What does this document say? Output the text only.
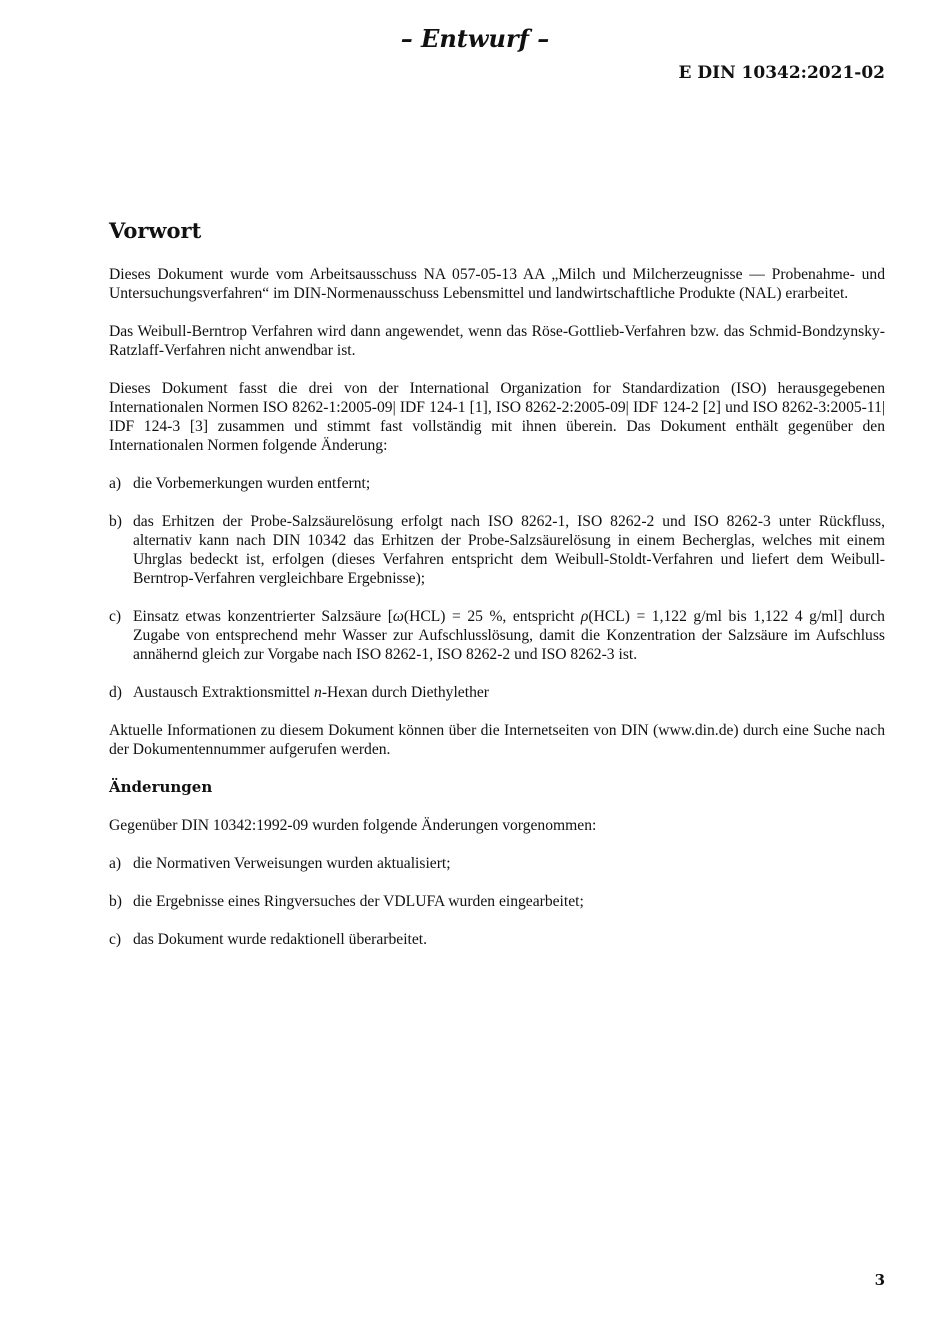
– Entwurf –
E DIN 10342:2021-02
Vorwort

Dieses Dokument wurde vom Arbeitsausschuss NA 057-05-13 AA „Milch und Milcherzeugnisse — Probenahme- und Untersuchungsverfahren“ im DIN-Normenausschuss Lebensmittel und landwirtschaftliche Produkte (NAL) erarbeitet.

Das Weibull-Berntrop Verfahren wird dann angewendet, wenn das Röse-Gottlieb-Verfahren bzw. das Schmid-Bondzynsky-Ratzlaff-Verfahren nicht anwendbar ist.

Dieses Dokument fasst die drei von der International Organization for Standardization (ISO) herausgegebenen Internationalen Normen ISO 8262-1:2005-09| IDF 124-1 [1], ISO 8262-2:2005-09| IDF 124-2 [2] und ISO 8262-3:2005-11| IDF 124-3 [3] zusammen und stimmt fast vollständig mit ihnen überein. Das Dokument enthält gegenüber den Internationalen Normen folgende Änderung:

a) die Vorbemerkungen wurden entfernt;
b) das Erhitzen der Probe-Salzsäurelösung erfolgt nach ISO 8262-1, ISO 8262-2 und ISO 8262-3 unter Rückfluss, alternativ kann nach DIN 10342 das Erhitzen der Probe-Salzsäurelösung in einem Becherglas, welches mit einem Uhrglas bedeckt ist, erfolgen (dieses Verfahren entspricht dem Weibull-Stoldt-Verfahren und liefert dem Weibull-Berntrop-Verfahren vergleichbare Ergebnisse);
c) Einsatz etwas konzentrierter Salzsäure [ω(HCL) = 25 %, entspricht ρ(HCL) = 1,122 g/ml bis 1,122 4 g/ml] durch Zugabe von entsprechend mehr Wasser zur Aufschlusslösung, damit die Konzentration der Salzsäure im Aufschluss annähernd gleich zur Vorgabe nach ISO 8262-1, ISO 8262-2 und ISO 8262-3 ist.
d) Austausch Extraktionsmittel n-Hexan durch Diethylether

Aktuelle Informationen zu diesem Dokument können über die Internetseiten von DIN (www.din.de) durch eine Suche nach der Dokumentennummer aufgerufen werden.

Änderungen

Gegenüber DIN 10342:1992-09 wurden folgende Änderungen vorgenommen:

a) die Normativen Verweisungen wurden aktualisiert;
b) die Ergebnisse eines Ringversuches der VDLUFA wurden eingearbeitet;
c) das Dokument wurde redaktionell überarbeitet.
3
